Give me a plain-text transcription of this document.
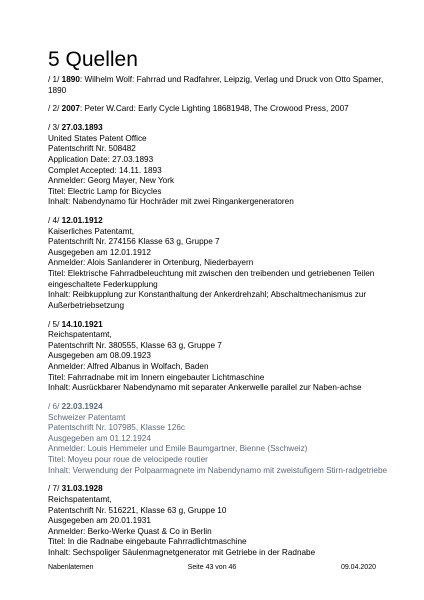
5 Quellen
/ 1/ 1890: Wilhelm Wolf: Fahrrad und Radfahrer, Leipzig, Verlag und Druck von Otto Spamer, 1890
/ 2/ 2007: Peter W.Card: Early Cycle Lighting 18681948, The Crowood Press, 2007
/ 3/ 27.03.1893
United States Patent Office
Patentschrift Nr. 508482
Application Date: 27.03.1893
Complet Accepted: 14.11. 1893
Anmelder: Georg Mayer, New York
Titel: Electric Lamp for Bicycles
Inhalt: Nabendynamo für Hochräder mit zwei Ringankergeneratoren
/ 4/ 12.01.1912
Kaiserliches Patentamt,
Patentschrift Nr. 274156 Klasse 63 g, Gruppe 7
Ausgegeben am 12.01.1912
Anmelder: Alois Sanlanderer in Ortenburg, Niederbayern
Titel: Elektrische Fahrradbeleuchtung mit zwischen den treibenden und getriebenen Teilen eingeschaltete Federkupplung
Inhalt: Reibkupplung zur Konstanthaltung der Ankerdrehzahl; Abschaltmechanismus zur Außerbetriebsetzung
/ 5/ 14.10.1921
Reichspatentamt,
Patentschrift Nr. 380555, Klasse 63 g, Gruppe 7
Ausgegeben am 08.09.1923
Anmelder: Alfred Albanus in Wolfach, Baden
Titel: Fahrradnabe mit im Innern eingebauter Lichtmaschine
Inhalt: Ausrückbarer Nabendynamo mit separater Ankerwelle parallel zur Naben-achse
/ 6/ 22.03.1924
Schweizer Patentamt
Patentschrift Nr. 107985, Klasse 126c
Ausgegeben am 01.12.1924
Anmelder: Louis Hemmeler und Emile Baumgartner, Bienne (Sschweiz)
Titel: Moyeu pour roue de velocipede routier
Inhalt: Verwendung der Polpaarmagnete im Nabendynamo mit zweistufigem Stirn-radgetriebe
/ 7/ 31.03.1928
Reichspatentamt,
Patentschrift Nr. 516221, Klasse 63 g, Gruppe 10
Ausgegeben am 20.01.1931
Anmelder: Berko-Werke Quast & Co in Berlin
Titel: In die Radnabe eingebaute Fahrradlichtmaschine
Inhalt: Sechspoliger Säulenmagnetgenerator mit Getriebe in der Radnabe
Nabenlatemen	Seite 43 von 46	09.04.2020
